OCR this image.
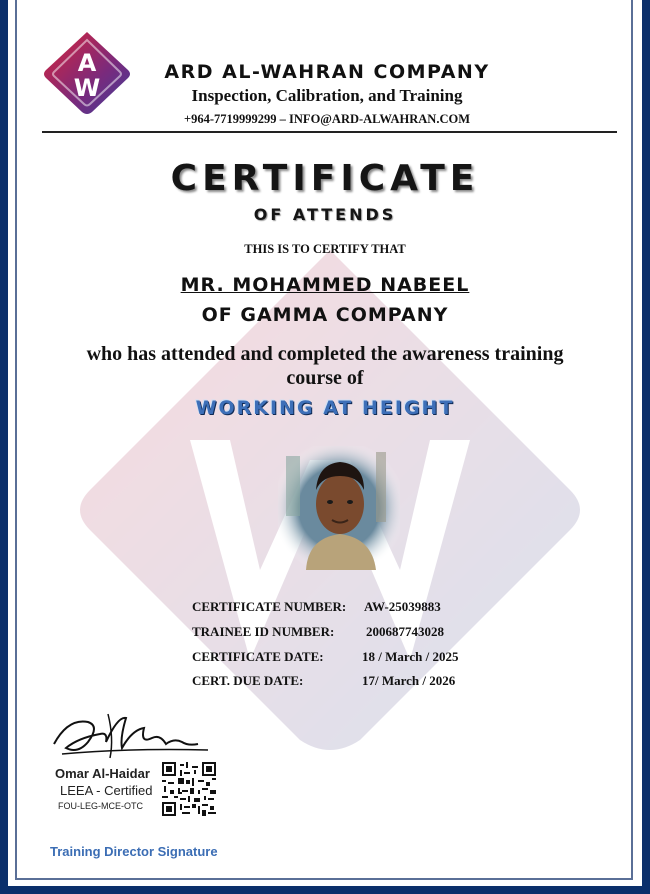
A
W
ARD AL-WAHRAN COMPANY
Inspection, Calibration, and Training
+964-7719999299 – INFO@ARD-ALWAHRAN.COM
CERTIFICATE
OF ATTENDS
THIS IS TO CERTIFY THAT
MR. MOHAMMED NABEEL
OF GAMMA COMPANY
who has attended and completed the awareness training course of
WORKING AT HEIGHT
CERTIFICATE NUMBER: AW-25039883
TRAINEE ID NUMBER: 200687743028
CERTIFICATE DATE:	18 / March / 2025
CERT. DUE DATE:	17/ March / 2026
Omar Al-Haidar
LEEA - Certified
FOU-LEG-MCE-OTC
Training Director Signature
